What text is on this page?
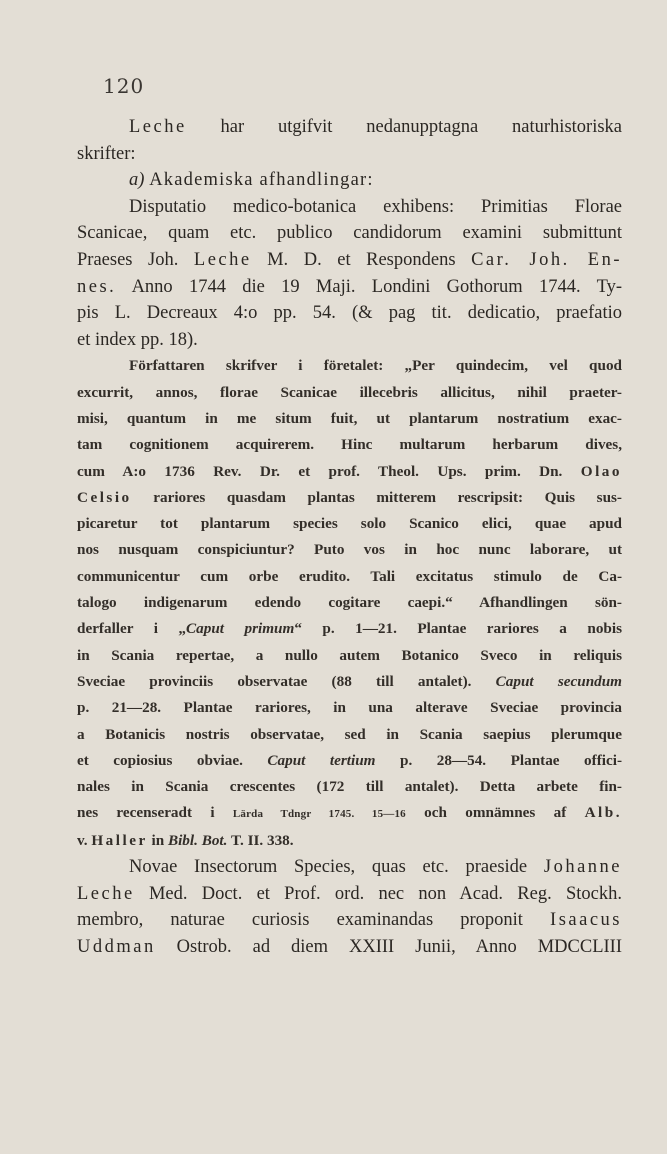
120
Leche har utgifvit nedanupptagna naturhistoriska
skrifter:
a) Akademiska afhandlingar:
Disputatio medico-botanica exhibens: Primitias Florae
Scanicae, quam etc. publico candidorum examini submittunt
Praeses Joh. Leche M. D. et Respondens Car. Joh. En-
nes. Anno 1744 die 19 Maji. Londini Gothorum 1744. Ty-
pis L. Decreaux 4:o pp. 54. (& pag tit. dedicatio, praefatio
et index pp. 18).
Författaren skrifver i företalet: „Per quindecim, vel quod
excurrit, annos, florae Scanicae illecebris allicitus, nihil praeter-
misi, quantum in me situm fuit, ut plantarum nostratium exac-
tam cognitionem acquirerem. Hinc multarum herbarum dives,
cum A:o 1736 Rev. Dr. et prof. Theol. Ups. prim. Dn. Olao
Celsio rariores quasdam plantas mitterem rescripsit: Quis sus-
picaretur tot plantarum species solo Scanico elici, quae apud
nos nusquam conspiciuntur? Puto vos in hoc nunc laborare, ut
communicentur cum orbe erudito. Tali excitatus stimulo de Ca-
talogo indigenarum edendo cogitare caepi.“ Afhandlingen sön-
derfaller i „Caput primum“ p. 1—21. Plantae rariores a nobis
in Scania repertae, a nullo autem Botanico Sveco in reliquis
Sveciae provinciis observatae (88 till antalet). Caput secundum
p. 21—28. Plantae rariores, in una alterave Sveciae provincia
a Botanicis nostris observatae, sed in Scania saepius plerumque
et copiosius obviae. Caput tertium p. 28—54. Plantae offici-
nales in Scania crescentes (172 till antalet). Detta arbete fin-
nes recenseradt i Lärda Tdngr 1745. 15—16 och omnämnes af Alb.
v. Haller in Bibl. Bot. T. II. 338.
Novae Insectorum Species, quas etc. praeside Johanne
Leche Med. Doct. et Prof. ord. nec non Acad. Reg. Stockh.
membro, naturae curiosis examinandas proponit Isaacus
Uddman Ostrob. ad diem XXIII Junii, Anno MDCCLIII
